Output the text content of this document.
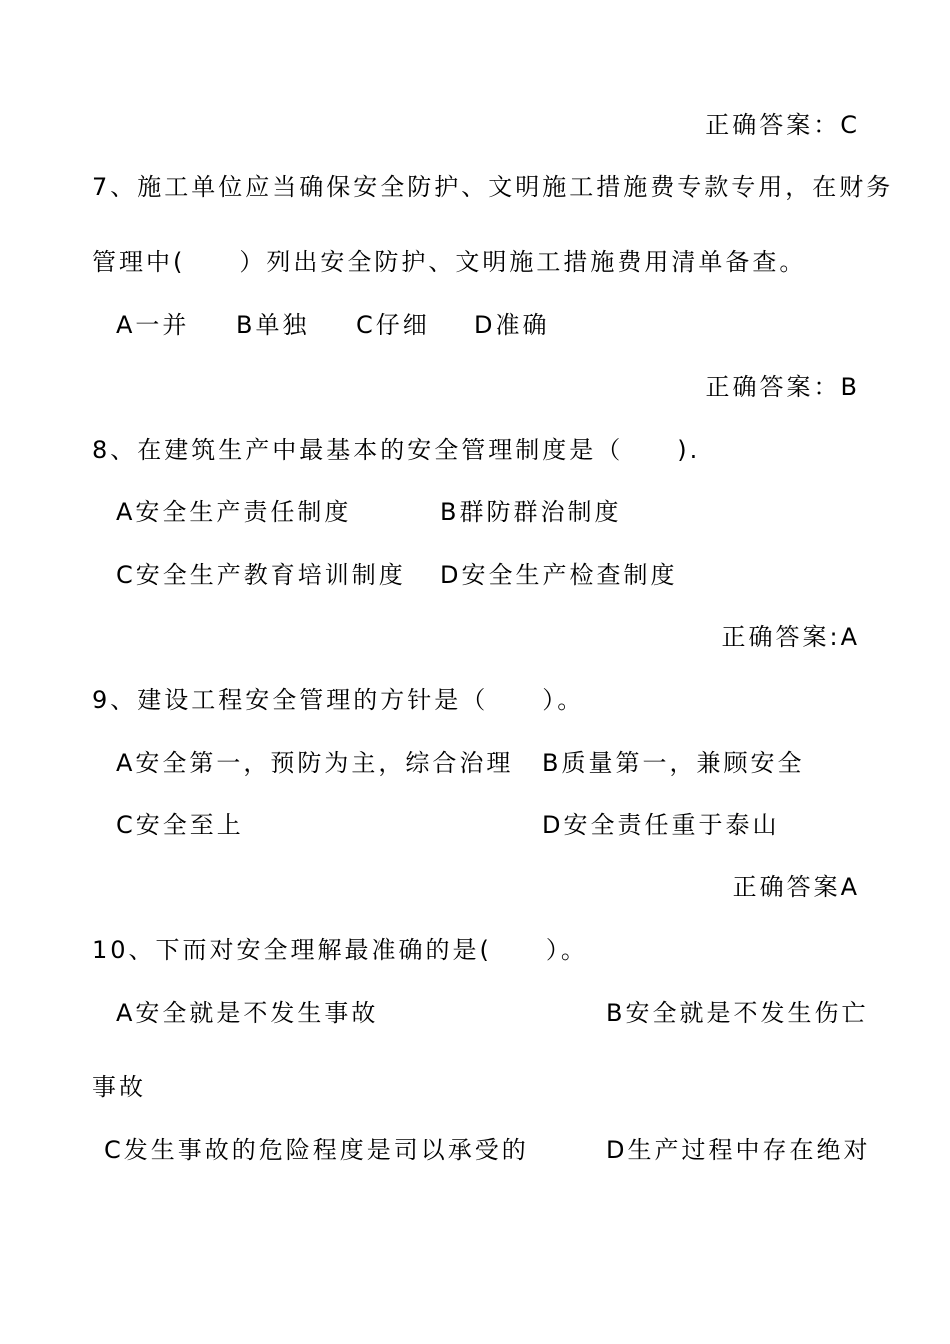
正确答案：C
7、施工单位应当确保安全防护、文明施工措施费专款专用，在财务
管理中(　　）列出安全防护、文明施工措施费用清单备查。
A一并 B单独 C仔细 D准确
正确答案：B
8、在建筑生产中最基本的安全管理制度是（　　).
A安全生产责任制度	B群防群治制度
C安全生产教育培训制度 D安全生产检查制度
正确答案:A
9、建设工程安全管理的方针是（　　）。
A安全第一，预防为主，综合治理 B质量第一，兼顾安全
C安全至上	D安全责任重于泰山
正确答案A
10、下而对安全理解最准确的是(　　）。
A安全就是不发生事故	B安全就是不发生伤亡
事故
C发生事故的危险程度是司以承受的	D生产过程中存在绝对
